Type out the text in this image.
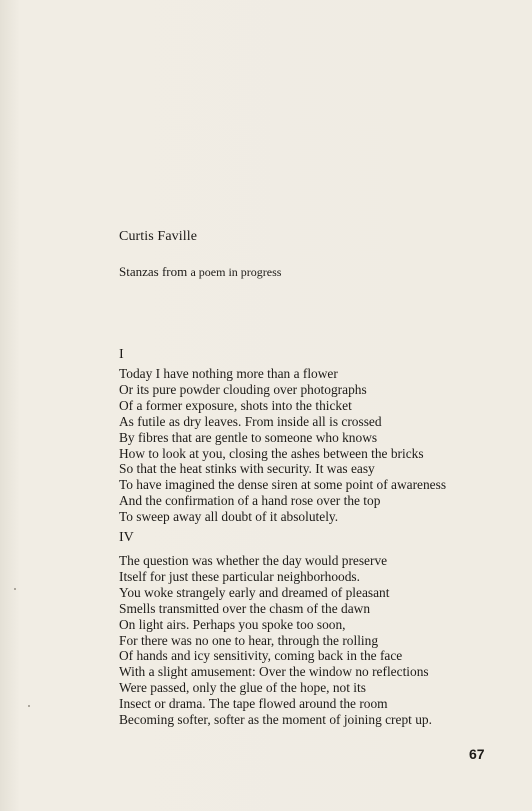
Curtis Faville
Stanzas from a poem in progress
I
Today I have nothing more than a flower
Or its pure powder clouding over photographs
Of a former exposure, shots into the thicket
As futile as dry leaves. From inside all is crossed
By fibres that are gentle to someone who knows
How to look at you, closing the ashes between the bricks
So that the heat stinks with security. It was easy
To have imagined the dense siren at some point of awareness
And the confirmation of a hand rose over the top
To sweep away all doubt of it absolutely.
IV
The question was whether the day would preserve
Itself for just these particular neighborhoods.
You woke strangely early and dreamed of pleasant
Smells transmitted over the chasm of the dawn
On light airs. Perhaps you spoke too soon,
For there was no one to hear, through the rolling
Of hands and icy sensitivity, coming back in the face
With a slight amusement: Over the window no reflections
Were passed, only the glue of the hope, not its
Insect or drama. The tape flowed around the room
Becoming softer, softer as the moment of joining crept up.
67
